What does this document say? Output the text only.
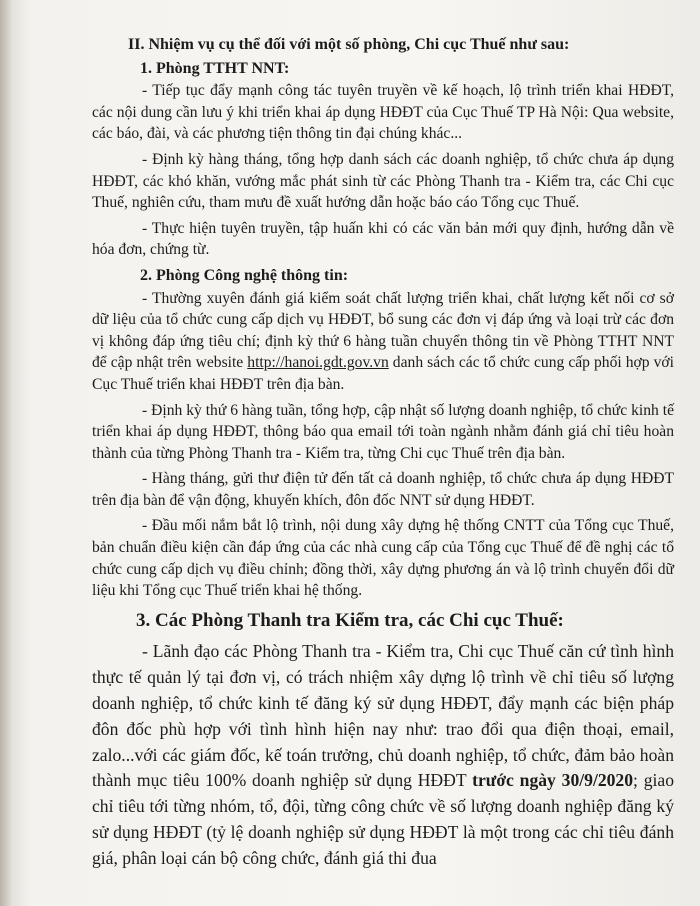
II. Nhiệm vụ cụ thể đối với một số phòng, Chi cục Thuế như sau:

1. Phòng TTHT NNT:

- Tiếp tục đẩy mạnh công tác tuyên truyền về kế hoạch, lộ trình triển khai HĐĐT, các nội dung cần lưu ý khi triển khai áp dụng HĐĐT của Cục Thuế TP Hà Nội: Qua website, các báo, đài, và các phương tiện thông tin đại chúng khác...

- Định kỳ hàng tháng, tổng hợp danh sách các doanh nghiệp, tổ chức chưa áp dụng HĐĐT, các khó khăn, vướng mắc phát sinh từ các Phòng Thanh tra - Kiểm tra, các Chi cục Thuế, nghiên cứu, tham mưu đề xuất hướng dẫn hoặc báo cáo Tổng cục Thuế.

- Thực hiện tuyên truyền, tập huấn khi có các văn bản mới quy định, hướng dẫn về hóa đơn, chứng từ.

2. Phòng Công nghệ thông tin:

- Thường xuyên đánh giá kiểm soát chất lượng triển khai, chất lượng kết nối cơ sở dữ liệu của tổ chức cung cấp dịch vụ HĐĐT, bổ sung các đơn vị đáp ứng và loại trừ các đơn vị không đáp ứng tiêu chí; định kỳ thứ 6 hàng tuần chuyển thông tin về Phòng TTHT NNT để cập nhật trên website http://hanoi.gdt.gov.vn danh sách các tổ chức cung cấp phối hợp với Cục Thuế triển khai HĐĐT trên địa bàn.

- Định kỳ thứ 6 hàng tuần, tổng hợp, cập nhật số lượng doanh nghiệp, tổ chức kinh tế triển khai áp dụng HĐĐT, thông báo qua email tới toàn ngành nhằm đánh giá chỉ tiêu hoàn thành của từng Phòng Thanh tra - Kiểm tra, từng Chi cục Thuế trên địa bàn.

- Hàng tháng, gửi thư điện tử đến tất cả doanh nghiệp, tổ chức chưa áp dụng HĐĐT trên địa bàn để vận động, khuyến khích, đôn đốc NNT sử dụng HĐĐT.

- Đầu mối nắm bắt lộ trình, nội dung xây dựng hệ thống CNTT của Tổng cục Thuế, bản chuẩn điều kiện cần đáp ứng của các nhà cung cấp của Tổng cục Thuế để đề nghị các tổ chức cung cấp dịch vụ điều chỉnh; đồng thời, xây dựng phương án và lộ trình chuyển đổi dữ liệu khi Tổng cục Thuế triển khai hệ thống.

3. Các Phòng Thanh tra Kiểm tra, các Chi cục Thuế:

- Lãnh đạo các Phòng Thanh tra - Kiểm tra, Chi cục Thuế căn cứ tình hình thực tế quản lý tại đơn vị, có trách nhiệm xây dựng lộ trình về chỉ tiêu số lượng doanh nghiệp, tổ chức kinh tế đăng ký sử dụng HĐĐT, đẩy mạnh các biện pháp đôn đốc phù hợp với tình hình hiện nay như: trao đổi qua điện thoại, email, zalo...với các giám đốc, kế toán trưởng, chủ doanh nghiệp, tổ chức, đảm bảo hoàn thành mục tiêu 100% doanh nghiệp sử dụng HĐĐT trước ngày 30/9/2020; giao chỉ tiêu tới từng nhóm, tổ, đội, từng công chức về số lượng doanh nghiệp đăng ký sử dụng HĐĐT (tỷ lệ doanh nghiệp sử dụng HĐĐT là một trong các chỉ tiêu đánh giá, phân loại cán bộ công chức, đánh giá thi đua
